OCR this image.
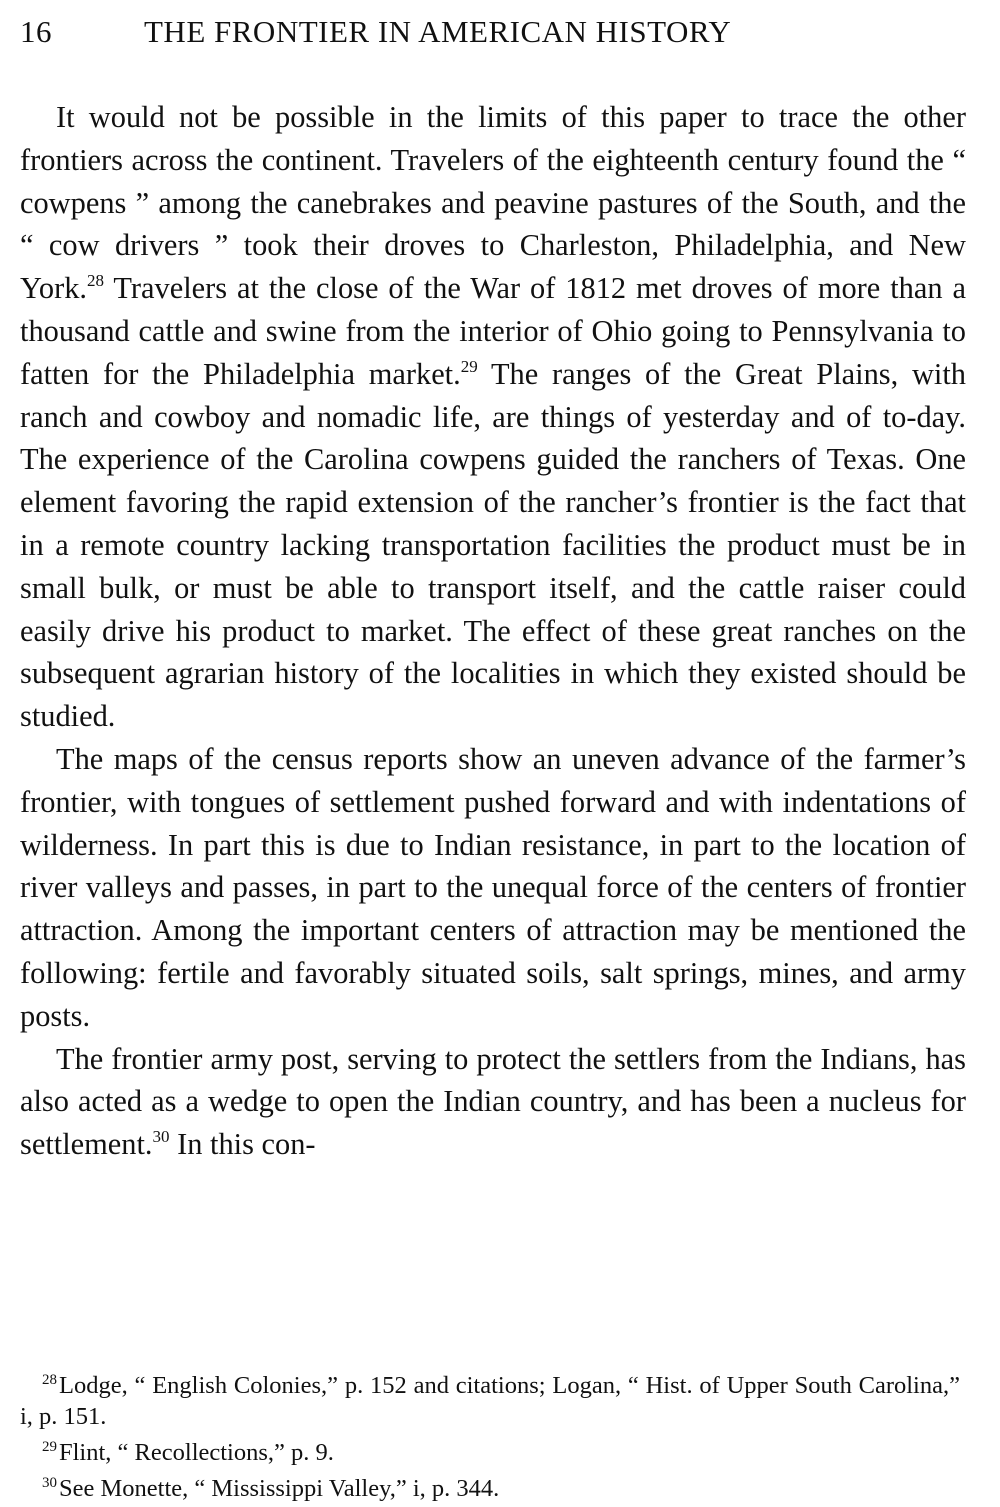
16	THE FRONTIER IN AMERICAN HISTORY

It would not be possible in the limits of this paper to trace the other frontiers across the continent. Travelers of the eighteenth century found the “ cowpens ” among the canebrakes and peavine pastures of the South, and the “ cow drivers ” took their droves to Charleston, Philadelphia, and New York.$^{28}$ Travelers at the close of the War of 1812 met droves of more than a thousand cattle and swine from the interior of Ohio going to Pennsylvania to fatten for the Philadelphia market.$^{29}$ The ranges of the Great Plains, with ranch and cowboy and nomadic life, are things of yesterday and of to-day. The experience of the Carolina cowpens guided the ranchers of Texas. One element favoring the rapid extension of the rancher’s frontier is the fact that in a remote country lacking transportation facilities the product must be in small bulk, or must be able to transport itself, and the cattle raiser could easily drive his product to market. The effect of these great ranches on the subsequent agrarian history of the localities in which they existed should be studied.

The maps of the census reports show an uneven advance of the farmer’s frontier, with tongues of settlement pushed forward and with indentations of wilderness. In part this is due to Indian resistance, in part to the location of river valleys and passes, in part to the unequal force of the centers of frontier attraction. Among the important centers of attraction may be mentioned the following: fertile and favorably situated soils, salt springs, mines, and army posts.

The frontier army post, serving to protect the settlers from the Indians, has also acted as a wedge to open the Indian country, and has been a nucleus for settlement.$^{30}$ In this con-

$^{28}$Lodge, “ English Colonies,” p. 152 and citations; Logan, “ Hist. of Upper South Carolina,” i, p. 151.

$^{29}$Flint, “ Recollections,” p. 9.

$^{30}$See Monette, “ Mississippi Valley,” i, p. 344.
